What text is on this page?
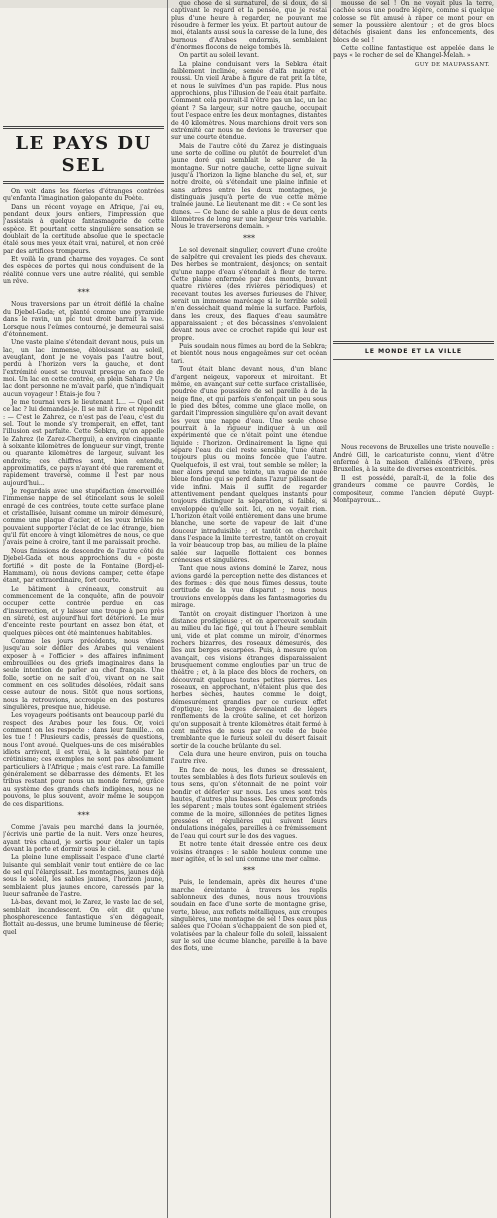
LE PAYS DU SEL

On voit dans les féeries d'étranges contrées qu'enfanta l'imagination galopante du Poète.

Dans un récent voyage en Afrique, j'ai eu, pendant deux jours entiers, l'impression que j'assistais à quelque fantasmagorie de cette espèce. Et pourtant cette singulière sensation se doublait de la certitude absolue que le spectacle étalé sous mes yeux était vrai, naturel, et non créé par des artifices trompeurs.

Et voilà le grand charme des voyages. Ce sont des espèces de portes qui nous conduisent de la réalité connue vers une autre réalité, qui semble un rêve.

***

Nous traversions par un étroit défilé la chaîne du Djebel-Gada; et, planté comme une pyramide dans le ravin, un pic tout droit barrait la vue. Lorsque nous l'eûmes contourné, je demeurai saisi d'étonnement.

Une vaste plaine s'étendait devant nous, puis un lac, un lac immense, éblouissant au soleil, aveuglant, dont je ne voyais pas l'autre bout, perdu à l'horizon vers la gauche, et dont l'extrémité ouest se trouvait presque en face de moi. Un lac en cette contrée, en plein Sahara ? Un lac dont personne ne m'avait parlé, que n'indiquait aucun voyageur ! Étais-je fou ?

Je me tournai vers le lieutenant L... — Quel est ce lac ? lui demandai-je. Il se mit à rire et répondit : — C'est le Zahrez, ce n'est pas de l'eau, c'est du sel. Tout le monde s'y tromperait, en effet, tant l'illusion est parfaite. Cette Sebkra, qu'on appelle le Zahrez (le Zarez-Chergui), a environ cinquante à soixante kilomètres de longueur sur vingt, trente ou quarante kilomètres de largeur, suivant les endroits; ces chiffres sont, bien entendu, approximatifs, ce pays n'ayant été que rarement et rapidement traversé, comme il l'est par nous aujourd'hui...

Je regardais avec une stupéfaction émerveillée l'immense nappe de sel étincelant sous le soleil enragé de ces contrées, toute cette surface plane et cristallisée, luisant comme un miroir démesuré, comme une plaque d'acier, et les yeux brûlés ne pouvaient supporter l'éclat de ce lac étrange, bien qu'il fût encore à vingt kilomètres de nous, ce que j'avais peine à croire, tant il me paraissait proche.

Nous finissions de descendre de l'autre côté du Djebel-Gada et nous approchions du « poste fortifié » dit poste de la Fontaine (Bordj-el-Hammam), où nous devions camper, cette étape étant, par extraordinaire, fort courte.

Le bâtiment à créneaux, construit au commencement de la conquête, afin de pouvoir occuper cette contrée perdue en cas d'insurrection, et y laisser une troupe à peu près en sûreté, est aujourd'hui fort détérioré. Le mur d'enceinte reste pourtant en assez bon état, et quelques pièces ont été maintenues habitables.

Comme les jours précédents, nous vîmes jusqu'au soir défiler des Arabes qui venaient exposer à « l'officier » des affaires infiniment embrouillées ou des griefs imaginaires dans la seule intention de parler au chef français. Une folle, sortie on ne sait d'où, vivant on ne sait comment en ces solitudes désolées, rôdait sans cesse autour de nous. Sitôt que nous sortions, nous la retrouvions, accroupie en des postures singulières, presque nue, hideuse.

Les voyageurs poétisants ont beaucoup parlé du respect des Arabes pour les fous. Or, voici comment on les respecte : dans leur famille... on les tue ! ! Plusieurs cadis, pressés de questions, nous l'ont avoué. Quelques-uns de ces misérables idiots arrivent, il est vrai, à la sainteté par le crétinisme; ces exemples ne sont pas absolument particuliers à l'Afrique ; mais c'est rare. La famille généralement se débarrasse des déments. Et les tribus restant pour nous un monde fermé, grâce au système des grands chefs indigènes, nous ne pouvons, le plus souvent, avoir même le soupçon de ces disparitions.

***

Comme j'avais peu marché dans la journée, j'écrivis une partie de la nuit. Vers onze heures, ayant très chaud, je sortis pour étaler un tapis devant la porte et dormir sous le ciel.

La pleine lune emplissait l'espace d'une clarté luisante qui semblait venir tout entière de ce lac de sel qui l'élargissait. Les montagnes, jaunes déjà sous le soleil, les sables jaunes, l'horizon jaune, semblaient plus jaunes encore, caressés par la lueur safranée de l'astre.

Là-bas, devant moi, le Zarez, le vaste lac de sel, semblait incandescent. On eût dit qu'une phosphorescence fantastique s'en dégageait, flottait au-dessus, une brume lumineuse de féerie; quel

que chose de si surnaturel, de si doux, de si captivant le regard et la pensée, que je restai plus d'une heure à regarder, ne pouvant me résoudre à fermer les yeux. Et partout autour de moi, étalants aussi sous la caresse de la lune, des burnous d'Arabes endormis, semblaient d'énormes flocons de neige tombés là.

On partit au soleil levant.

La plaine conduisant vers la Sebkra était faiblement inclinée, semée d'alfa maigre et roussi. Un vieil Arabe à figure de rat prit la tête, et nous le suivîmes d'un pas rapide. Plus nous approchions, plus l'illusion de l'eau était parfaite. Comment cela pouvait-il n'être pas un lac, un lac géant ? Sa largeur, sur notre gauche, occupait tout l'espace entre les deux montagnes, distantes de 40 kilomètres. Nous marchions droit vers son extrémité car nous ne devions le traverser que sur une courte étendue.

Mais de l'autre côté du Zarez je distinguais une sorte de colline ou plutôt de bourrelet d'un jaune doré qui semblait le séparer de la montagne. Sur notre gauche, cette ligne suivait jusqu'à l'horizon la ligne blanche du sel, et, sur notre droite, où s'étendait une plaine infinie et sans arbres entre les deux montagnes, je distinguais jusqu'à perte de vue cette même traînée jaune. Le lieutenant me dit : « Ce sont les dunes. — Ce banc de sable a plus de deux cents kilomètres de long sur une largeur très variable. Nous le traverserons demain. »

***

Le sol devenait singulier, couvert d'une croûte de salpêtre qui crevaient les pieds des chevaux. Des herbes se montraient, desjoncs; on sentait qu'une nappe d'eau s'étendait à fleur de terre. Cette plaine enfermée par des monts, buvant quatre rivières (des rivières périodiques) et recevant toutes les averses furieuses de l'hiver, serait un immense marécage si le terrible soleil n'en desséchait quand même la surface. Parfois, dans les creux, des flaques d'eau saumâtre apparaissaient ; et des bécassines s'envolaient devant nous avec ce crochet rapide qui leur est propre.

Puis soudain nous fûmes au bord de la Sebkra; et bientôt nous nous engageâmes sur cet océan tari.

Tout était blanc devant nous, d'un blanc d'argent neigeux, vaporeux et miroitant. Et même, en avançant sur cette surface cristallisée, poudrée d'une poussière de sel pareille à de la neige fine, et qui parfois s'enfonçait un peu sous le pied des bêtes, comme une glace molle, on gardait l'impression singulière qu'on avait devant les yeux une nappe d'eau. Une seule chose pourrait à la rigueur indiquer à un œil expérimenté que ce n'était point une étendue liquide : l'horizon. Ordinairement la ligne qui sépare l'eau du ciel reste sensible, l'une étant toujours plus ou moins foncée que l'autre. Quelquefois, il est vrai, tout semble se mêler; la mer alors prend une teinte, un vague de nuée bleue fondue qui se perd dans l'azur pâlissant de vide infini. Mais il suffit de regarder attentivement pendant quelques instants pour toujours distinguer la séparation, si faible, si enveloppée qu'elle soit. Ici, on ne voyait rien. L'horizon était voilé entièrement dans une brume blanche, une sorte de vapeur de lait d'une douceur intraduisible ; et tantôt on cherchait dans l'espace la limite terrestre, tantôt on croyait la voir beaucoup trop bas, au milieu de la plaine salée sur laquelle flottaient ces bonnes créneuses et singulières.

Tant que nous avions dominé le Zarez, nous avions gardé la perception nette des distances et des formes : dès que nous fûmes dessus, toute certitude de la vue disparut ; nous nous trouvions enveloppés dans les fantasmagories du mirage.

Tantôt on croyait distinguer l'horizon à une distance prodigieuse ; et on apercevait soudain au milieu du lac figé, qui tout à l'heure semblait uni, vide et plat comme un miroir, d'énormes rochers bizarres, des roseaux démesurés, des îles aux berges escarpées. Puis, à mesure qu'on avançait, ces visions étranges disparaissaient brusquement comme englouties par un truc de théâtre ; et, à la place des blocs de rochers, on découvrait quelques toutes petites pierres. Les roseaux, en approchant, n'étaient plus que des herbes sèches, hautes comme le doigt, démesurément grandies par ce curieux effet d'optique; les berges devenaient de légers renflements de la croûte saline, et cet horizon qu'on supposait à trente kilomètres était fermé à cent mètres de nous par ce voile de buée tremblante que le furieux soleil du désert faisait sortir de la couche brûlante du sel.

Cela dura une heure environ, puis on toucha l'autre rive.

En face de nous, les dunes se dressaient, toutes semblables à des flots furieux soulevés en tous sens, qu'on s'étonnait de ne point voir bondir et déferler sur nous. Les unes sont très hautes, d'autres plus basses. Des creux profonds les séparent ; mais toutes sont également striées comme de la moire, sillonnées de petites lignes pressées et régulières qui suivent leurs ondulations inégales, pareilles à ce frémissement de l'eau qui court sur le dos des vagues.

Et notre tente était dressée entre ces deux voisins étranges : le sable houleux comme une mer agitée, et le sel uni comme une mer calme.

***

Puis, le lendemain, après dix heures d'une marche éreintante à travers les replis sablonneux des dunes, nous nous trouvions soudain en face d'une sorte de montagne grise, verte, bleue, aux reflets métalliques, aux croupes singulières, une montagne de sel ! Des eaux plus salées que l'Océan s'échappaient de son pied et, volatisées par la chaleur folle du soleil, laissaient sur le sol une écume blanche, pareille à la bave des flots, une

mousse de sel ! On ne voyait plus la terre, cachée sous une poudre légère, comme si quelque colosse se fût amusé à râper ce mont pour en semer la poussière alentour ; et de gros blocs détachés gisaient dans les enfoncements, des blocs de sel !

Cette colline fantastique est appelée dans le pays « le rocher de sel de Khangel-Melah. »

GUY DE MAUPASSANT.
LE MONDE ET LA VILLE

Nous recevons de Bruxelles une triste nouvelle : André Gill, le caricaturiste connu, vient d'être enfermé à la maison d'aliénés d'Evere, près Bruxelles, à la suite de diverses excentricités.

Il est possédé, paraît-il, de la folie des grandeurs comme ce pauvre Cordès, le compositeur, comme l'ancien député Guypt-Montpayroux...
